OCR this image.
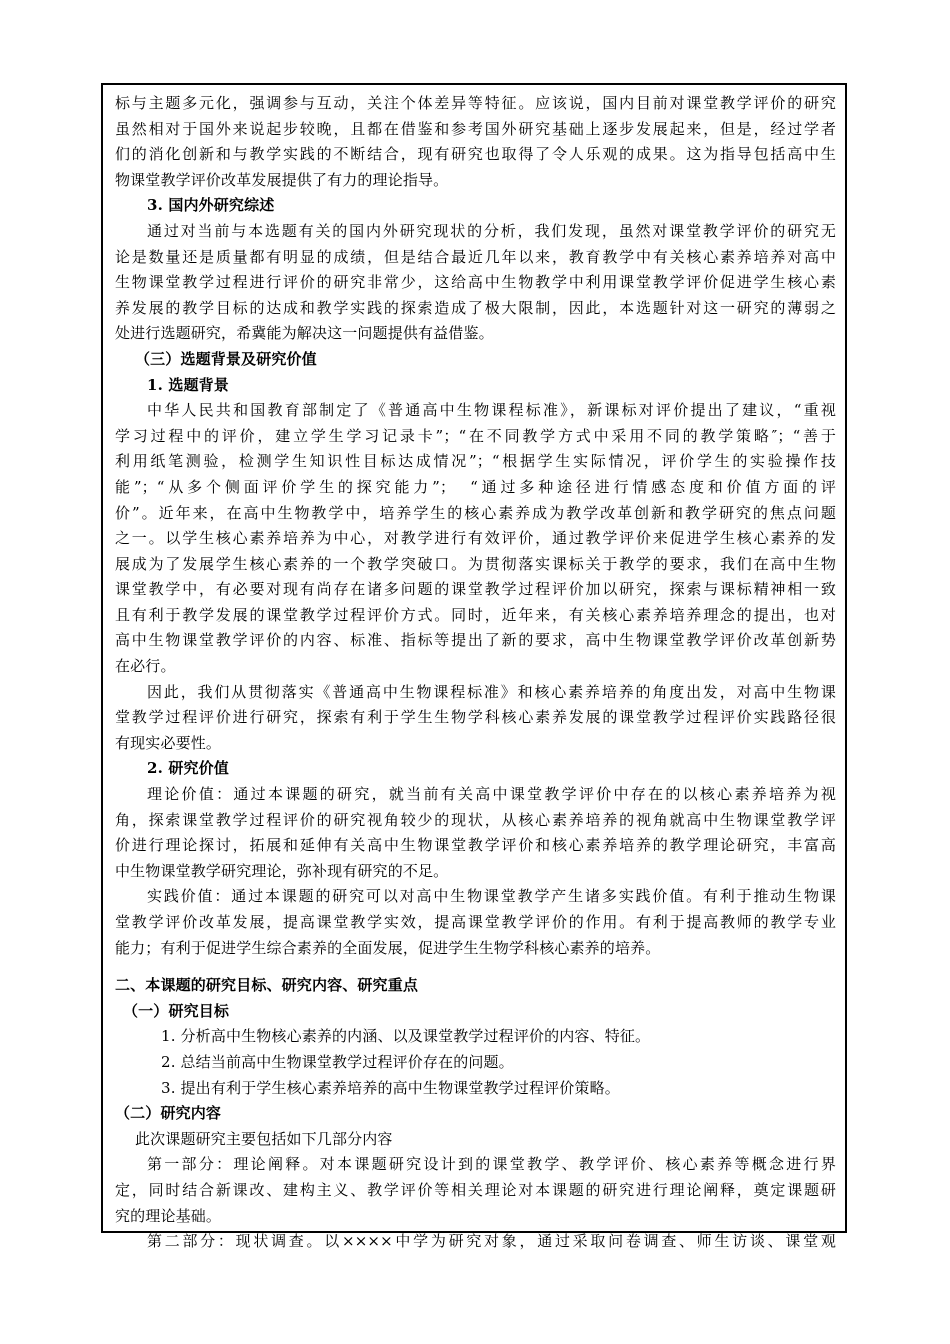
标与主题多元化，强调参与互动，关注个体差异等特征。应该说，国内目前对课堂教学评价的研究
虽然相对于国外来说起步较晚，且都在借鉴和参考国外研究基础上逐步发展起来，但是，经过学者
们的消化创新和与教学实践的不断结合，现有研究也取得了令人乐观的成果。这为指导包括高中生
物课堂教学评价改革发展提供了有力的理论指导。
3. 国内外研究综述
通过对当前与本选题有关的国内外研究现状的分析，我们发现，虽然对课堂教学评价的研究无
论是数量还是质量都有明显的成绩，但是结合最近几年以来，教育教学中有关核心素养培养对高中
生物课堂教学过程进行评价的研究非常少，这给高中生物教学中利用课堂教学评价促进学生核心素
养发展的教学目标的达成和教学实践的探索造成了极大限制，因此，本选题针对这一研究的薄弱之
处进行选题研究，希冀能为解决这一问题提供有益借鉴。
（三）选题背景及研究价值
1. 选题背景
中华人民共和国教育部制定了《普通高中生物课程标准》，新课标对评价提出了建议，“重视
学习过程中的评价，建立学生学习记录卡”；“在不同教学方式中采用不同的教学策略″；“善于
利用纸笔测验，检测学生知识性目标达成情况”；“根据学生实际情况，评价学生的实验操作技
能”；“从多个侧面评价学生的探究能力”；　“通过多种途径进行情感态度和价值方面的评
价”。近年来，在高中生物教学中，培养学生的核心素养成为教学改革创新和教学研究的焦点问题
之一。以学生核心素养培养为中心，对教学进行有效评价，通过教学评价来促进学生核心素养的发
展成为了发展学生核心素养的一个教学突破口。为贯彻落实课标关于教学的要求，我们在高中生物
课堂教学中，有必要对现有尚存在诸多问题的课堂教学过程评价加以研究，探索与课标精神相一致
且有利于教学发展的课堂教学过程评价方式。同时，近年来，有关核心素养培养理念的提出，也对
高中生物课堂教学评价的内容、标准、指标等提出了新的要求，高中生物课堂教学评价改革创新势
在必行。
因此，我们从贯彻落实《普通高中生物课程标准》和核心素养培养的角度出发，对高中生物课
堂教学过程评价进行研究，探索有利于学生生物学科核心素养发展的课堂教学过程评价实践路径很
有现实必要性。
2. 研究价值
理论价值：通过本课题的研究，就当前有关高中课堂教学评价中存在的以核心素养培养为视
角，探索课堂教学过程评价的研究视角较少的现状，从核心素养培养的视角就高中生物课堂教学评
价进行理论探讨，拓展和延伸有关高中生物课堂教学评价和核心素养培养的教学理论研究，丰富高
中生物课堂教学研究理论，弥补现有研究的不足。
实践价值：通过本课题的研究可以对高中生物课堂教学产生诸多实践价值。有利于推动生物课
堂教学评价改革发展，提高课堂教学实效，提高课堂教学评价的作用。有利于提高教师的教学专业
能力；有利于促进学生综合素养的全面发展，促进学生生物学科核心素养的培养。
二、本课题的研究目标、研究内容、研究重点
（一）研究目标
1. 分析高中生物核心素养的内涵、以及课堂教学过程评价的内容、特征。
2. 总结当前高中生物课堂教学过程评价存在的问题。
3. 提出有利于学生核心素养培养的高中生物课堂教学过程评价策略。
（二）研究内容
此次课题研究主要包括如下几部分内容
第一部分：理论阐释。对本课题研究设计到的课堂教学、教学评价、核心素养等概念进行界
定，同时结合新课改、建构主义、教学评价等相关理论对本课题的研究进行理论阐释，奠定课题研
究的理论基础。
第二部分：现状调查。以××××中学为研究对象，通过采取问卷调查、师生访谈、课堂观
